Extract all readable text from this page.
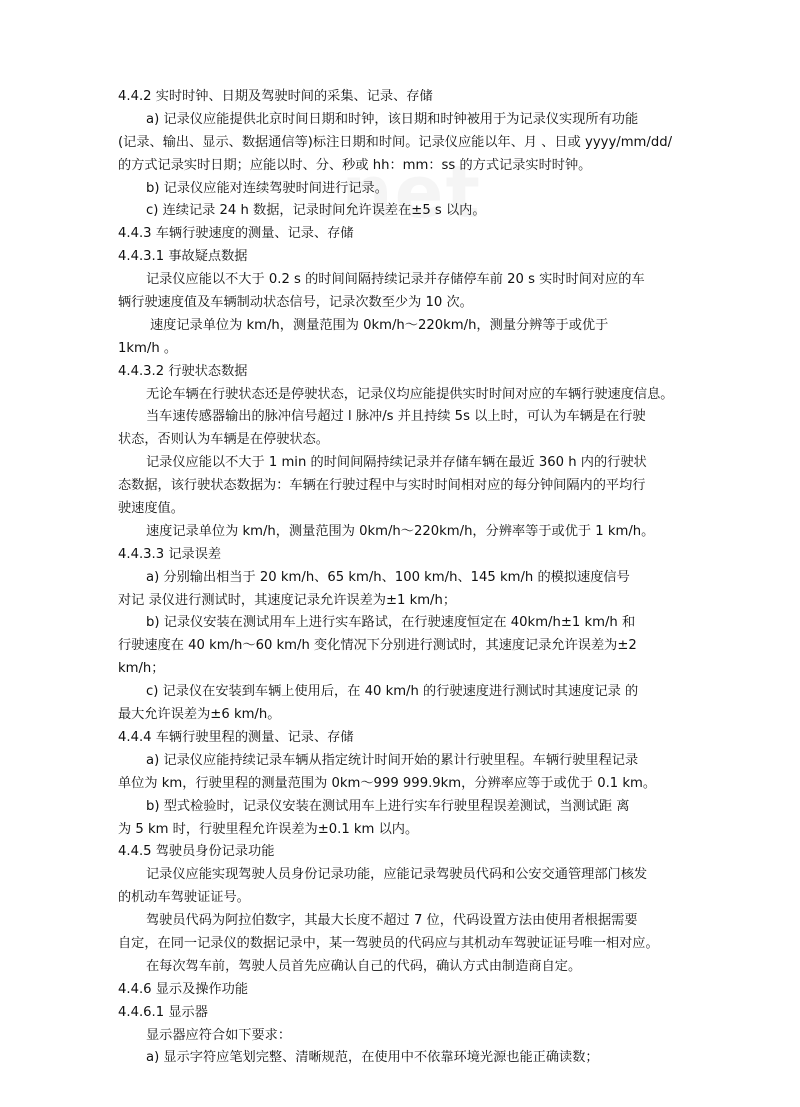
4.4.2 实时时钟、日期及驾驶时间的采集、记录、存储
a) 记录仪应能提供北京时间日期和时钟，该日期和时钟被用于为记录仪实现所有功能
(记录、输出、显示、数据通信等)标注日期和时间。记录仪应能以年、月 、日或 yyyy/mm/dd/
的方式记录实时日期；应能以时、分、秒或 hh：mm：ss 的方式记录实时时钟。
b) 记录仪应能对连续驾驶时间进行记录。
c) 连续记录 24 h 数据，记录时间允许误差在±5 s 以内。
4.4.3 车辆行驶速度的测量、记录、存储
4.4.3.1 事故疑点数据
记录仪应能以不大于 0.2 s 的时间间隔持续记录并存储停车前 20 s 实时时间对应的车
辆行驶速度值及车辆制动状态信号，记录次数至少为 10 次。
速度记录单位为 km/h，测量范围为 0km/h～220km/h，测量分辨等于或优于
1km/h 。
4.4.3.2 行驶状态数据
无论车辆在行驶状态还是停驶状态，记录仪均应能提供实时时间对应的车辆行驶速度信息。
当车速传感器输出的脉冲信号超过 l 脉冲/s 并且持续 5s 以上时，可认为车辆是在行驶
状态，否则认为车辆是在停驶状态。
记录仪应能以不大于 1 min 的时间间隔持续记录并存储车辆在最近 360 h 内的行驶状
态数据，该行驶状态数据为：车辆在行驶过程中与实时时间相对应的每分钟间隔内的平均行
驶速度值。
速度记录单位为 km/h，测量范围为 0km/h～220km/h，分辨率等于或优于 1 km/h。
4.4.3.3 记录误差
a) 分别输出相当于 20 km/h、65 km/h、100 km/h、145 km/h 的模拟速度信号
对记 录仪进行测试时，其速度记录允许误差为±1 km/h；
b) 记录仪安装在测试用车上进行实车路试，在行驶速度恒定在 40km/h±1 km/h 和
行驶速度在 40 km/h～60 km/h 变化情况下分别进行测试时，其速度记录允许误差为±2
km/h；
c) 记录仪在安装到车辆上使用后，在 40 km/h 的行驶速度进行测试时其速度记录 的
最大允许误差为±6 km/h。
4.4.4 车辆行驶里程的测量、记录、存储
a) 记录仪应能持续记录车辆从指定统计时间开始的累计行驶里程。车辆行驶里程记录
单位为 km，行驶里程的测量范围为 0km～999 999.9km，分辨率应等于或优于 0.1 km。
b) 型式检验时，记录仪安装在测试用车上进行实车行驶里程误差测试，当测试距 离
为 5 km 时，行驶里程允许误差为±0.1 km 以内。
4.4.5 驾驶员身份记录功能
记录仪应能实现驾驶人员身份记录功能，应能记录驾驶员代码和公安交通管理部门核发
的机动车驾驶证证号。
驾驶员代码为阿拉伯数字，其最大长度不超过 7 位，代码设置方法由使用者根据需要
自定，在同一记录仪的数据记录中，某一驾驶员的代码应与其机动车驾驶证证号唯一相对应。
在每次驾车前，驾驶人员首先应确认自己的代码，确认方式由制造商自定。
4.4.6 显示及操作功能
4.4.6.1 显示器
显示器应符合如下要求：
a) 显示字符应笔划完整、清晰规范，在使用中不依靠环境光源也能正确读数；
